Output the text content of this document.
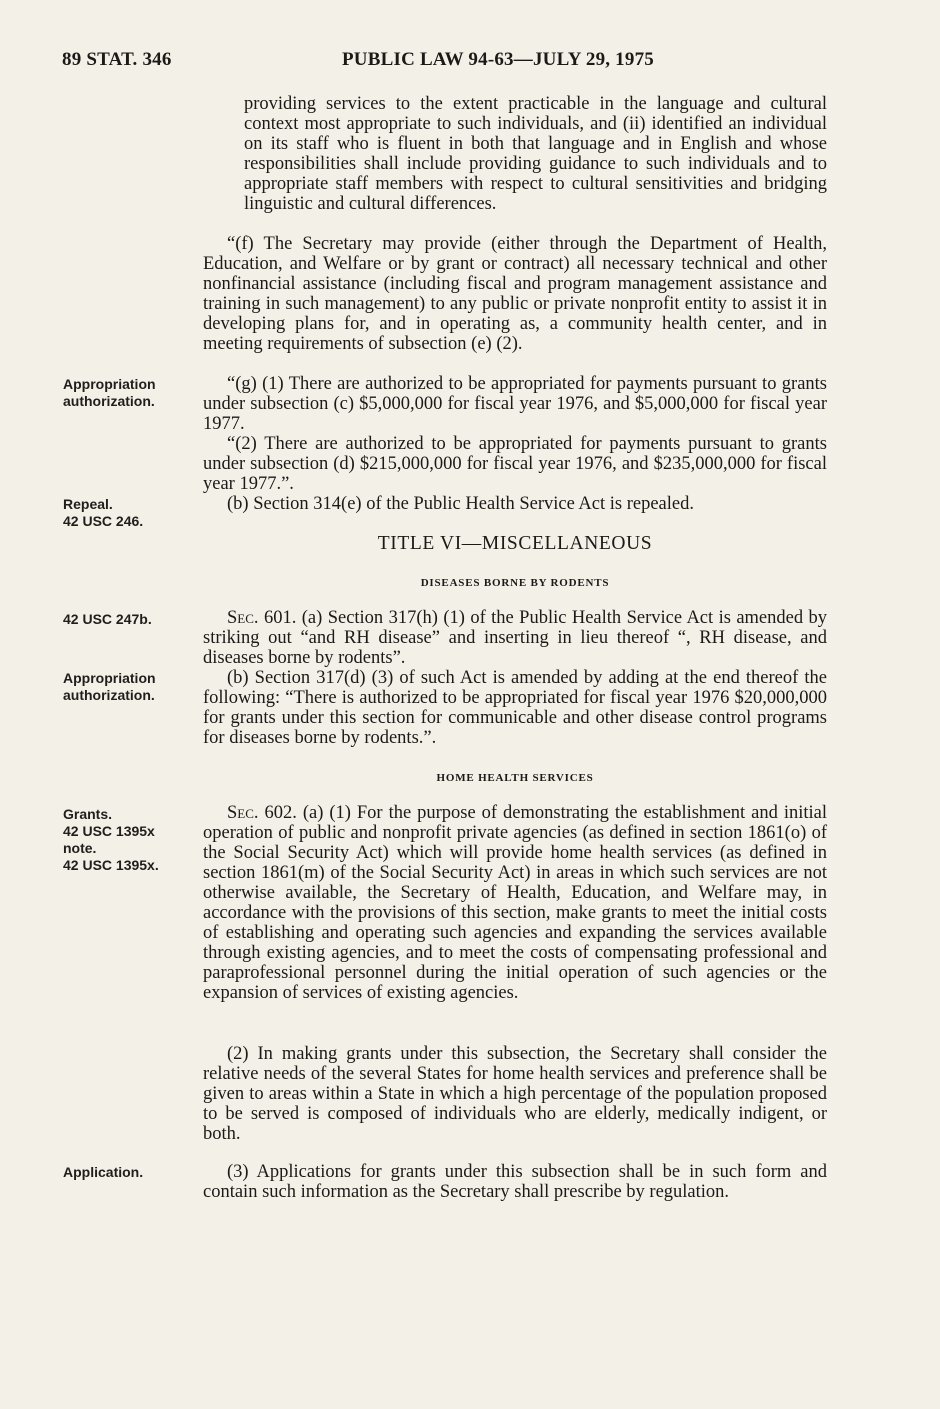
89 STAT. 346	PUBLIC LAW 94-63—JULY 29, 1975

providing services to the extent practicable in the language and cultural context most appropriate to such individuals, and (ii) identified an individual on its staff who is fluent in both that language and in English and whose responsibilities shall include providing guidance to such individuals and to appropriate staff members with respect to cultural sensitivities and bridging linguistic and cultural differences.

“(f) The Secretary may provide (either through the Department of Health, Education, and Welfare or by grant or contract) all necessary technical and other nonfinancial assistance (including fiscal and program management assistance and training in such management) to any public or private nonprofit entity to assist it in developing plans for, and in operating as, a community health center, and in meeting requirements of subsection (e) (2).

Appropriation authorization.

“(g) (1) There are authorized to be appropriated for payments pursuant to grants under subsection (c) $5,000,000 for fiscal year 1976, and $5,000,000 for fiscal year 1977.

“(2) There are authorized to be appropriated for payments pursuant to grants under subsection (d) $215,000,000 for fiscal year 1976, and $235,000,000 for fiscal year 1977.”.

Repeal.
42 USC 246.

(b) Section 314(e) of the Public Health Service Act is repealed.

TITLE VI—MISCELLANEOUS
DISEASES BORNE BY RODENTS
42 USC 247b.	Sec. 601. (a) Section 317(h) (1) of the Public Health Service Act is amended by striking out “and RH disease” and inserting in lieu thereof “, RH disease, and diseases borne by rodents”.

Appropriation authorization.

(b) Section 317(d) (3) of such Act is amended by adding at the end thereof the following: “There is authorized to be appropriated for fiscal year 1976 $20,000,000 for grants under this section for communicable and other disease control programs for diseases borne by rodents.”.

HOME HEALTH SERVICES
Grants.
42 USC 1395x note.
42 USC 1395x.

Sec. 602. (a) (1) For the purpose of demonstrating the establishment and initial operation of public and nonprofit private agencies (as defined in section 1861(o) of the Social Security Act) which will provide home health services (as defined in section 1861(m) of the Social Security Act) in areas in which such services are not otherwise available, the Secretary of Health, Education, and Welfare may, in accordance with the provisions of this section, make grants to meet the initial costs of establishing and operating such agencies and expanding the services available through existing agencies, and to meet the costs of compensating professional and paraprofessional personnel during the initial operation of such agencies or the expansion of services of existing agencies.

(2) In making grants under this subsection, the Secretary shall consider the relative needs of the several States for home health services and preference shall be given to areas within a State in which a high percentage of the population proposed to be served is composed of individuals who are elderly, medically indigent, or both.

Application.	(3) Applications for grants under this subsection shall be in such form and contain such information as the Secretary shall prescribe by regulation.
